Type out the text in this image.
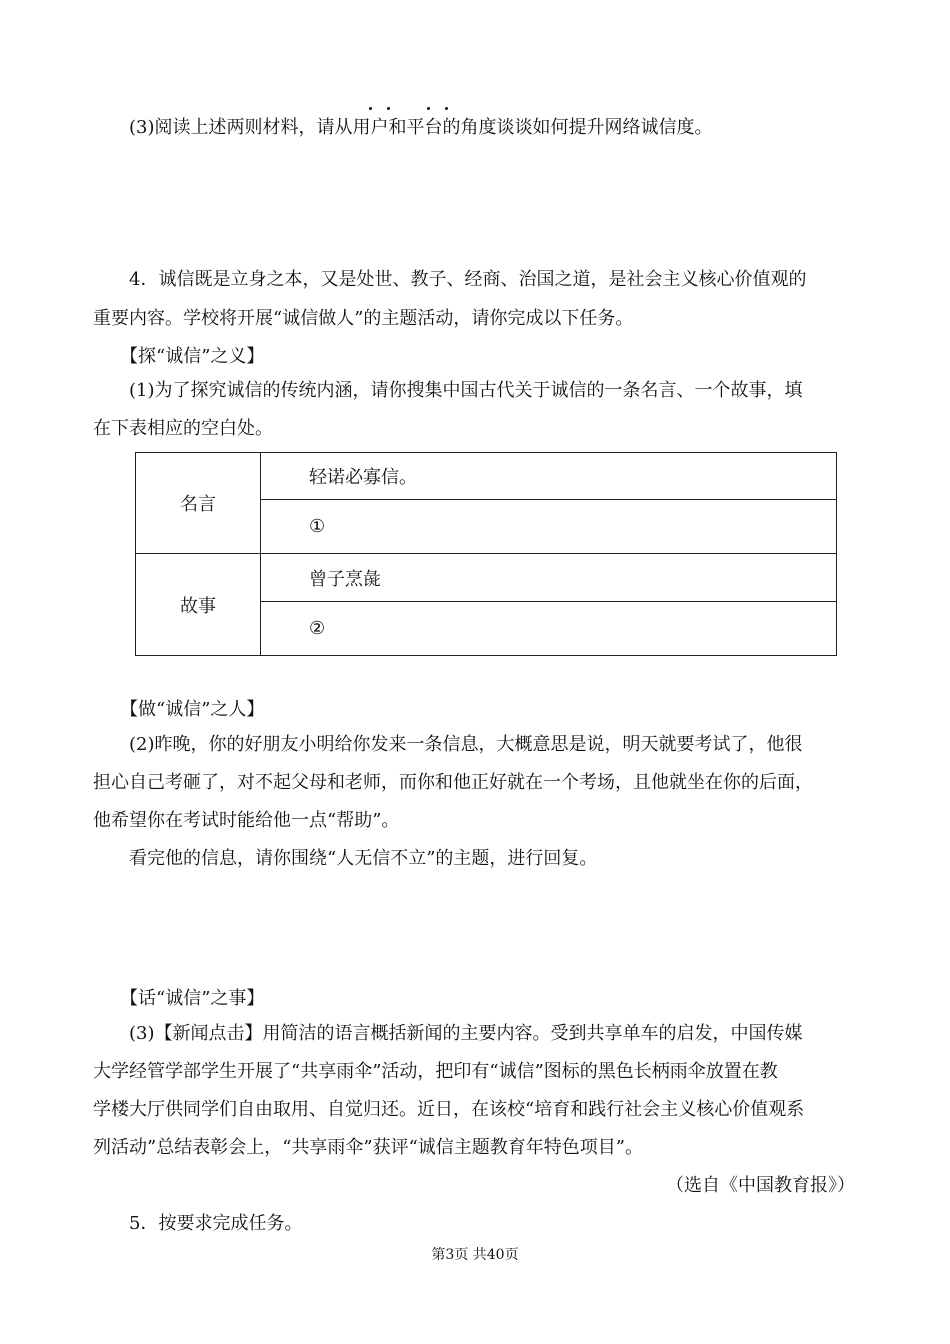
(3)阅读上述两则材料，请从用户和平台的角度谈谈如何提升网络诚信度。
4．诚信既是立身之本，又是处世、教子、经商、治国之道，是社会主义核心价值观的
重要内容。学校将开展“诚信做人”的主题活动，请你完成以下任务。
【探“诚信”之义】
(1)为了探究诚信的传统内涵，请你搜集中国古代关于诚信的一条名言、一个故事，填
在下表相应的空白处。
名言	轻诺必寡信。
	①
故事	曾子烹彘
	②
【做“诚信”之人】
(2)昨晚，你的好朋友小明给你发来一条信息，大概意思是说，明天就要考试了，他很
担心自己考砸了，对不起父母和老师，而你和他正好就在一个考场，且他就坐在你的后面，
他希望你在考试时能给他一点“帮助”。
看完他的信息，请你围绕“人无信不立”的主题，进行回复。
【话“诚信”之事】
(3)【新闻点击】用简洁的语言概括新闻的主要内容。受到共享单车的启发，中国传媒
大学经管学部学生开展了“共享雨伞”活动，把印有“诚信”图标的黑色长柄雨伞放置在教
学楼大厅供同学们自由取用、自觉归还。近日，在该校“培育和践行社会主义核心价值观系
列活动”总结表彰会上，“共享雨伞”获评“诚信主题教育年特色项目”。
（选自《中国教育报》）
5．按要求完成任务。
第3页 共40页
